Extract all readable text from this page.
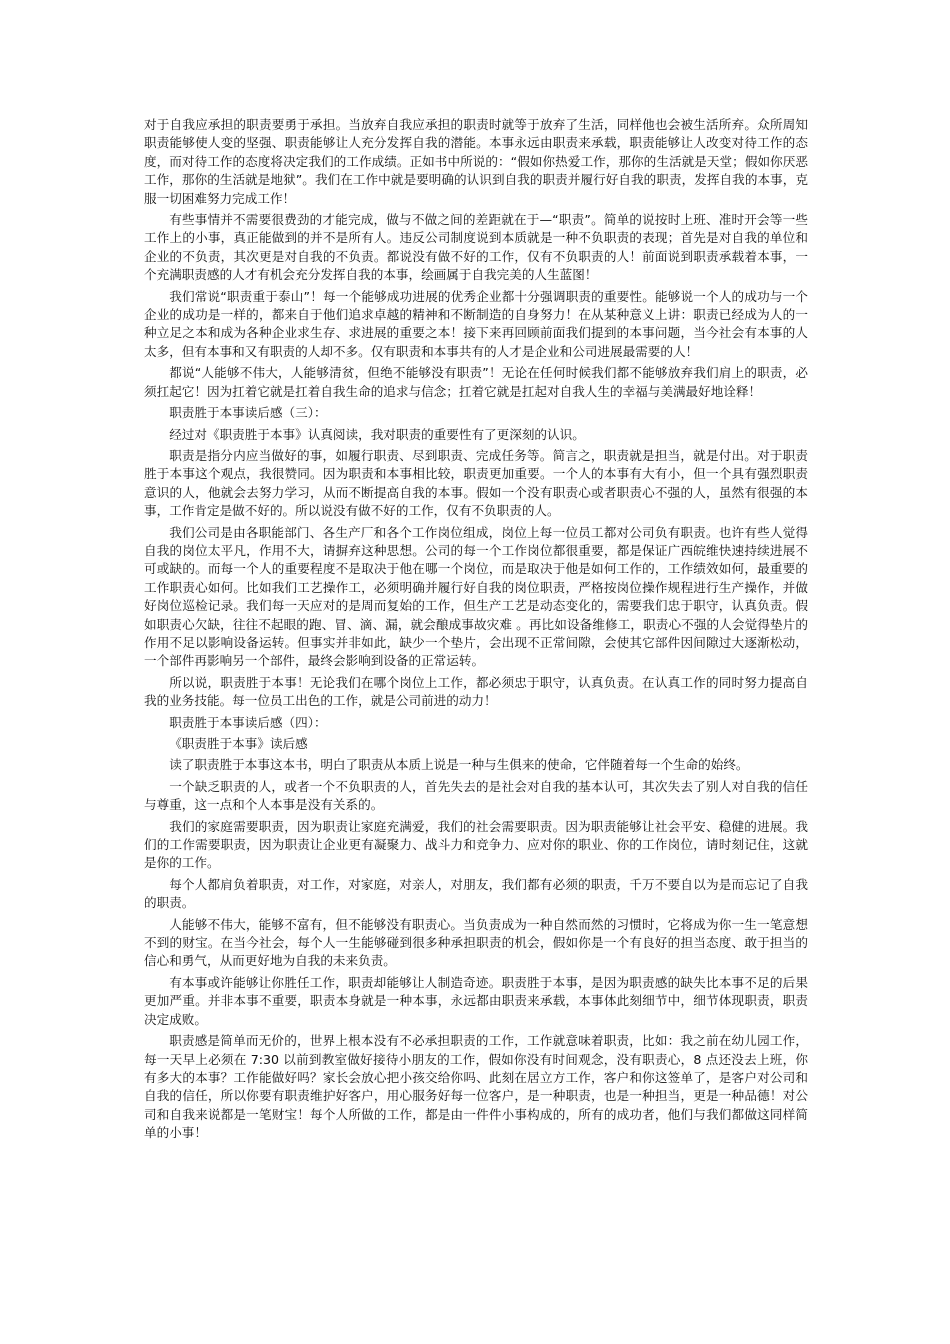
对于自我应承担的职责要勇于承担。当放弃自我应承担的职责时就等于放弃了生活，同样他也会被生活所弃。众所周知职责能够使人变的坚强、职责能够让人充分发挥自我的潜能。本事永远由职责来承载，职责能够让人改变对待工作的态度，而对待工作的态度将决定我们的工作成绩。正如书中所说的：“假如你热爱工作，那你的生活就是天堂；假如你厌恶工作，那你的生活就是地狱”。我们在工作中就是要明确的认识到自我的职责并履行好自我的职责，发挥自我的本事，克服一切困难努力完成工作！

有些事情并不需要很费劲的才能完成，做与不做之间的差距就在于—“职责”。简单的说按时上班、准时开会等一些工作上的小事，真正能做到的并不是所有人。违反公司制度说到本质就是一种不负职责的表现；首先是对自我的单位和企业的不负责，其次更是对自我的不负责。都说没有做不好的工作，仅有不负职责的人！前面说到职责承载着本事，一个充满职责感的人才有机会充分发挥自我的本事，绘画属于自我完美的人生蓝图！

我们常说“职责重于泰山”！每一个能够成功进展的优秀企业都十分强调职责的重要性。能够说一个人的成功与一个企业的成功是一样的，都来自于他们追求卓越的精神和不断制造的自身努力！在从某种意义上讲：职责已经成为人的一种立足之本和成为各种企业求生存、求进展的重要之本！接下来再回顾前面我们提到的本事问题，当今社会有本事的人太多，但有本事和又有职责的人却不多。仅有职责和本事共有的人才是企业和公司进展最需要的人！

都说“人能够不伟大，人能够清贫，但绝不能够没有职责”！无论在任何时候我们都不能够放弃我们肩上的职责，必须扛起它！因为扛着它就是扛着自我生命的追求与信念；扛着它就是扛起对自我人生的幸福与美满最好地诠释！

职责胜于本事读后感（三）：

经过对《职责胜于本事》认真阅读，我对职责的重要性有了更深刻的认识。

职责是指分内应当做好的事，如履行职责、尽到职责、完成任务等。简言之，职责就是担当，就是付出。对于职责胜于本事这个观点，我很赞同。因为职责和本事相比较，职责更加重要。一个人的本事有大有小，但一个具有强烈职责意识的人，他就会去努力学习，从而不断提高自我的本事。假如一个没有职责心或者职责心不强的人，虽然有很强的本事，工作肯定是做不好的。所以说没有做不好的工作，仅有不负职责的人。

我们公司是由各职能部门、各生产厂和各个工作岗位组成，岗位上每一位员工都对公司负有职责。也许有些人觉得自我的岗位太平凡，作用不大，请摒弃这种思想。公司的每一个工作岗位都很重要，都是保证广西皖维快速持续进展不可或缺的。而每一个人的重要程度不是取决于他在哪一个岗位，而是取决于他是如何工作的，工作绩效如何，最重要的工作职责心如何。比如我们工艺操作工，必须明确并履行好自我的岗位职责，严格按岗位操作规程进行生产操作，并做好岗位巡检记录。我们每一天应对的是周而复始的工作，但生产工艺是动态变化的，需要我们忠于职守，认真负责。假如职责心欠缺，往往不起眼的跑、冒、滴、漏，就会酿成事故灾难 。再比如设备维修工，职责心不强的人会觉得垫片的作用不足以影响设备运转。但事实并非如此，缺少一个垫片，会出现不正常间隙，会使其它部件因间隙过大逐渐松动，一个部件再影响另一个部件，最终会影响到设备的正常运转。

所以说，职责胜于本事！无论我们在哪个岗位上工作，都必须忠于职守，认真负责。在认真工作的同时努力提高自我的业务技能。每一位员工出色的工作，就是公司前进的动力！

职责胜于本事读后感（四）：

《职责胜于本事》读后感

读了职责胜于本事这本书，明白了职责从本质上说是一种与生俱来的使命，它伴随着每一个生命的始终。

一个缺乏职责的人，或者一个不负职责的人，首先失去的是社会对自我的基本认可，其次失去了别人对自我的信任与尊重，这一点和个人本事是没有关系的。

我们的家庭需要职责，因为职责让家庭充满爱，我们的社会需要职责。因为职责能够让社会平安、稳健的进展。我们的工作需要职责，因为职责让企业更有凝聚力、战斗力和竞争力、应对你的职业、你的工作岗位，请时刻记住，这就是你的工作。

每个人都肩负着职责，对工作，对家庭，对亲人，对朋友，我们都有必须的职责，千万不要自以为是而忘记了自我的职责。

人能够不伟大，能够不富有，但不能够没有职责心。当负责成为一种自然而然的习惯时，它将成为你一生一笔意想不到的财宝。在当今社会，每个人一生能够碰到很多种承担职责的机会，假如你是一个有良好的担当态度、敢于担当的信心和勇气，从而更好地为自我的未来负责。

有本事或许能够让你胜任工作，职责却能够让人制造奇迹。职责胜于本事，是因为职责感的缺失比本事不足的后果更加严重。并非本事不重要，职责本身就是一种本事，永远都由职责来承载，本事体此刻细节中，细节体现职责，职责决定成败。

职责感是简单而无价的，世界上根本没有不必承担职责的工作，工作就意味着职责，比如：我之前在幼儿园工作，每一天早上必须在 7:30 以前到教室做好接待小朋友的工作，假如你没有时间观念，没有职责心，8 点还没去上班，你有多大的本事？工作能做好吗？家长会放心把小孩交给你吗、此刻在居立方工作，客户和你这签单了，是客户对公司和自我的信任，所以你要有职责维护好客户，用心服务好每一位客户，是一种职责，也是一种担当，更是一种品德！对公司和自我来说都是一笔财宝！每个人所做的工作，都是由一件件小事构成的，所有的成功者，他们与我们都做这同样简单的小事！
